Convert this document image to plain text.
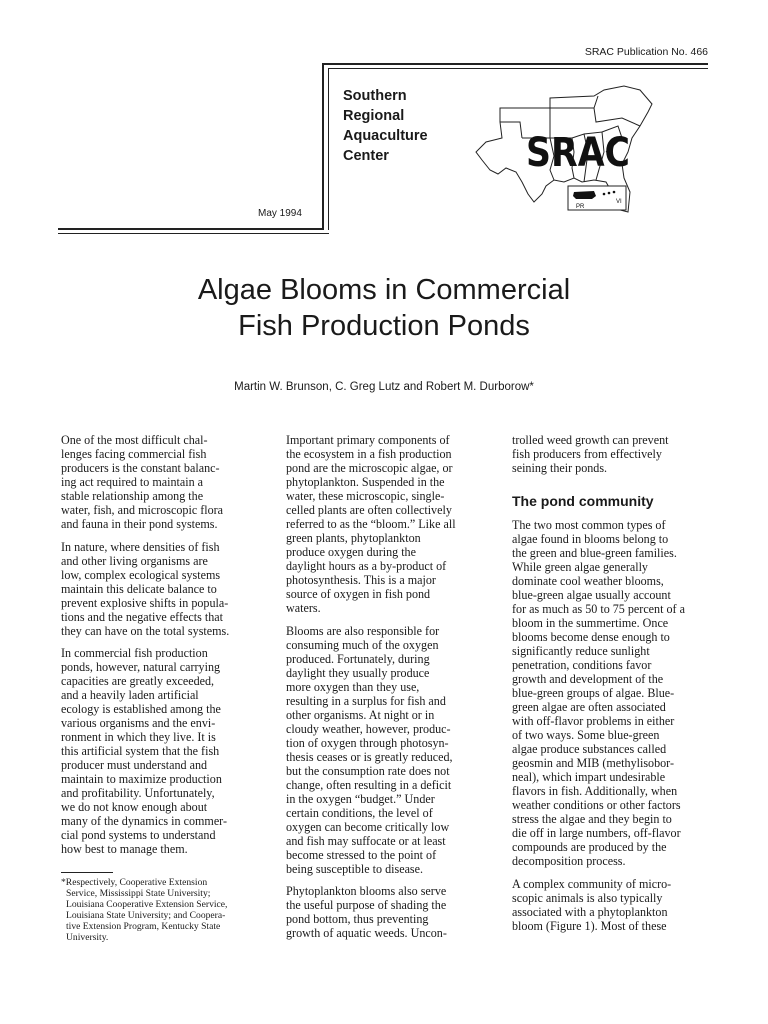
SRAC Publication No. 466
Southern
Regional
Aquaculture
Center
May 1994
SRAC
PR
VI
Algae Blooms in Commercial
Fish Production Ponds
Martin W. Brunson, C. Greg Lutz and Robert M. Durborow*

One of the most difficult chal-
lenges facing commercial fish
producers is the constant balanc-
ing act required to maintain a
stable relationship among the
water, fish, and microscopic flora
and fauna in their pond systems.

In nature, where densities of fish
and other living organisms are
low, complex ecological systems
maintain this delicate balance to
prevent explosive shifts in popula-
tions and the negative effects that
they can have on the total systems.

In commercial fish production
ponds, however, natural carrying
capacities are greatly exceeded,
and a heavily laden artificial
ecology is established among the
various organisms and the envi-
ronment in which they live. It is
this artificial system that the fish
producer must understand and
maintain to maximize production
and profitability. Unfortunately,
we do not know enough about
many of the dynamics in commer-
cial pond systems to understand
how best to manage them.

Important primary components of
the ecosystem in a fish production
pond are the microscopic algae, or
phytoplankton. Suspended in the
water, these microscopic, single-
celled plants are often collectively
referred to as the “bloom.” Like all
green plants, phytoplankton
produce oxygen during the
daylight hours as a by-product of
photosynthesis. This is a major
source of oxygen in fish pond
waters.

Blooms are also responsible for
consuming much of the oxygen
produced. Fortunately, during
daylight they usually produce
more oxygen than they use,
resulting in a surplus for fish and
other organisms. At night or in
cloudy weather, however, produc-
tion of oxygen through photosyn-
thesis ceases or is greatly reduced,
but the consumption rate does not
change, often resulting in a deficit
in the oxygen “budget.” Under
certain conditions, the level of
oxygen can become critically low
and fish may suffocate or at least
become stressed to the point of
being susceptible to disease.

Phytoplankton blooms also serve
the useful purpose of shading the
pond bottom, thus preventing
growth of aquatic weeds. Uncon-

trolled weed growth can prevent
fish producers from effectively
seining their ponds.

The pond community

The two most common types of
algae found in blooms belong to
the green and blue-green families.
While green algae generally
dominate cool weather blooms,
blue-green algae usually account
for as much as 50 to 75 percent of a
bloom in the summertime. Once
blooms become dense enough to
significantly reduce sunlight
penetration, conditions favor
growth and development of the
blue-green groups of algae. Blue-
green algae are often associated
with off-flavor problems in either
of two ways. Some blue-green
algae produce substances called
geosmin and MIB (methylisobor-
neal), which impart undesirable
flavors in fish. Additionally, when
weather conditions or other factors
stress the algae and they begin to
die off in large numbers, off-flavor
compounds are produced by the
decomposition process.

A complex community of micro-
scopic animals is also typically
associated with a phytoplankton
bloom (Figure 1). Most of these

*Respectively, Cooperative Extension
Service, Mississippi State University;
Louisiana Cooperative Extension Service,
Louisiana State University; and Coopera-
tive Extension Program, Kentucky State
University.
